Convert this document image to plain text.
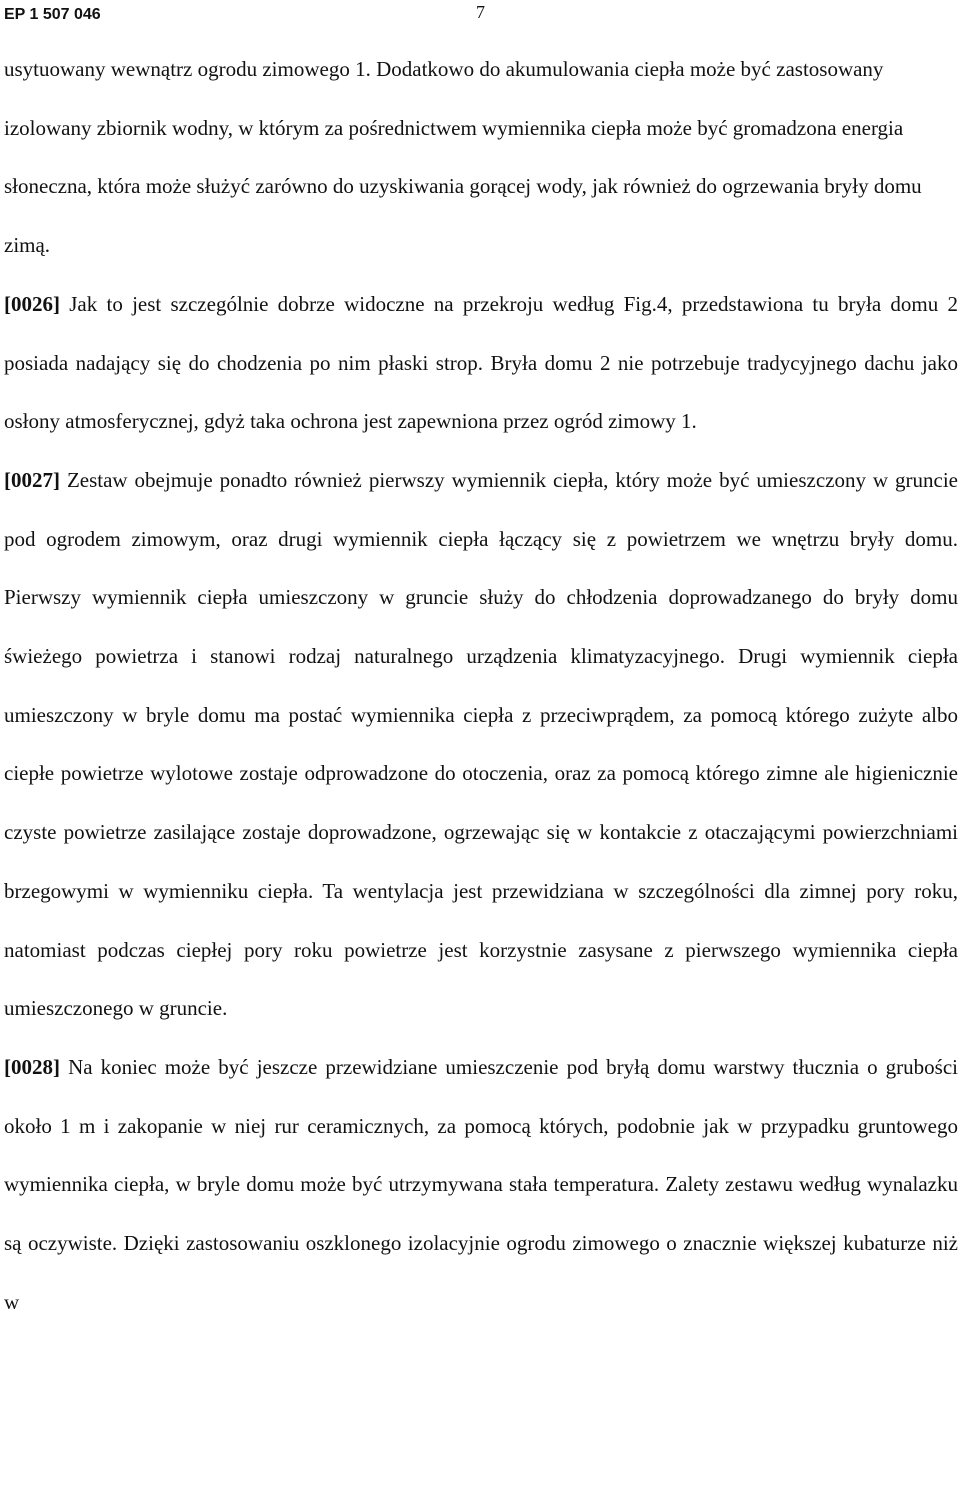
EP 1 507 046	7

usytuowany wewnątrz ogrodu zimowego 1. Dodatkowo do akumulowania ciepła może być zastosowany izolowany zbiornik wodny, w którym za pośrednictwem wymiennika ciepła może być gromadzona energia słoneczna, która może służyć zarówno do uzyskiwania gorącej wody, jak również do ogrzewania bryły domu zimą.

[0026] Jak to jest szczególnie dobrze widoczne na przekroju według Fig.4, przedstawiona tu bryła domu 2 posiada nadający się do chodzenia po nim płaski strop. Bryła domu 2 nie potrzebuje tradycyjnego dachu jako osłony atmosferycznej, gdyż taka ochrona jest zapewniona przez ogród zimowy 1.

[0027] Zestaw obejmuje ponadto również pierwszy wymiennik ciepła, który może być umieszczony w gruncie pod ogrodem zimowym, oraz drugi wymiennik ciepła łączący się z powietrzem we wnętrzu bryły domu. Pierwszy wymiennik ciepła umieszczony w gruncie służy do chłodzenia doprowadzanego do bryły domu świeżego powietrza i stanowi rodzaj naturalnego urządzenia klimatyzacyjnego. Drugi wymiennik ciepła umieszczony w bryle domu ma postać wymiennika ciepła z przeciwprądem, za pomocą którego zużyte albo ciepłe powietrze wylotowe zostaje odprowadzone do otoczenia, oraz za pomocą którego zimne ale higienicznie czyste powietrze zasilające zostaje doprowadzone, ogrzewając się w kontakcie z otaczającymi powierzchniami brzegowymi w wymienniku ciepła. Ta wentylacja jest przewidziana w szczególności dla zimnej pory roku, natomiast podczas ciepłej pory roku powietrze jest korzystnie zasysane z pierwszego wymiennika ciepła umieszczonego w gruncie.

[0028] Na koniec może być jeszcze przewidziane umieszczenie pod bryłą domu warstwy tłucznia o grubości około 1 m i zakopanie w niej rur ceramicznych, za pomocą których, podobnie jak w przypadku gruntowego wymiennika ciepła, w bryle domu może być utrzymywana stała temperatura. Zalety zestawu według wynalazku są oczywiste. Dzięki zastosowaniu oszklonego izolacyjnie ogrodu zimowego o znacznie większej kubaturze niż w
